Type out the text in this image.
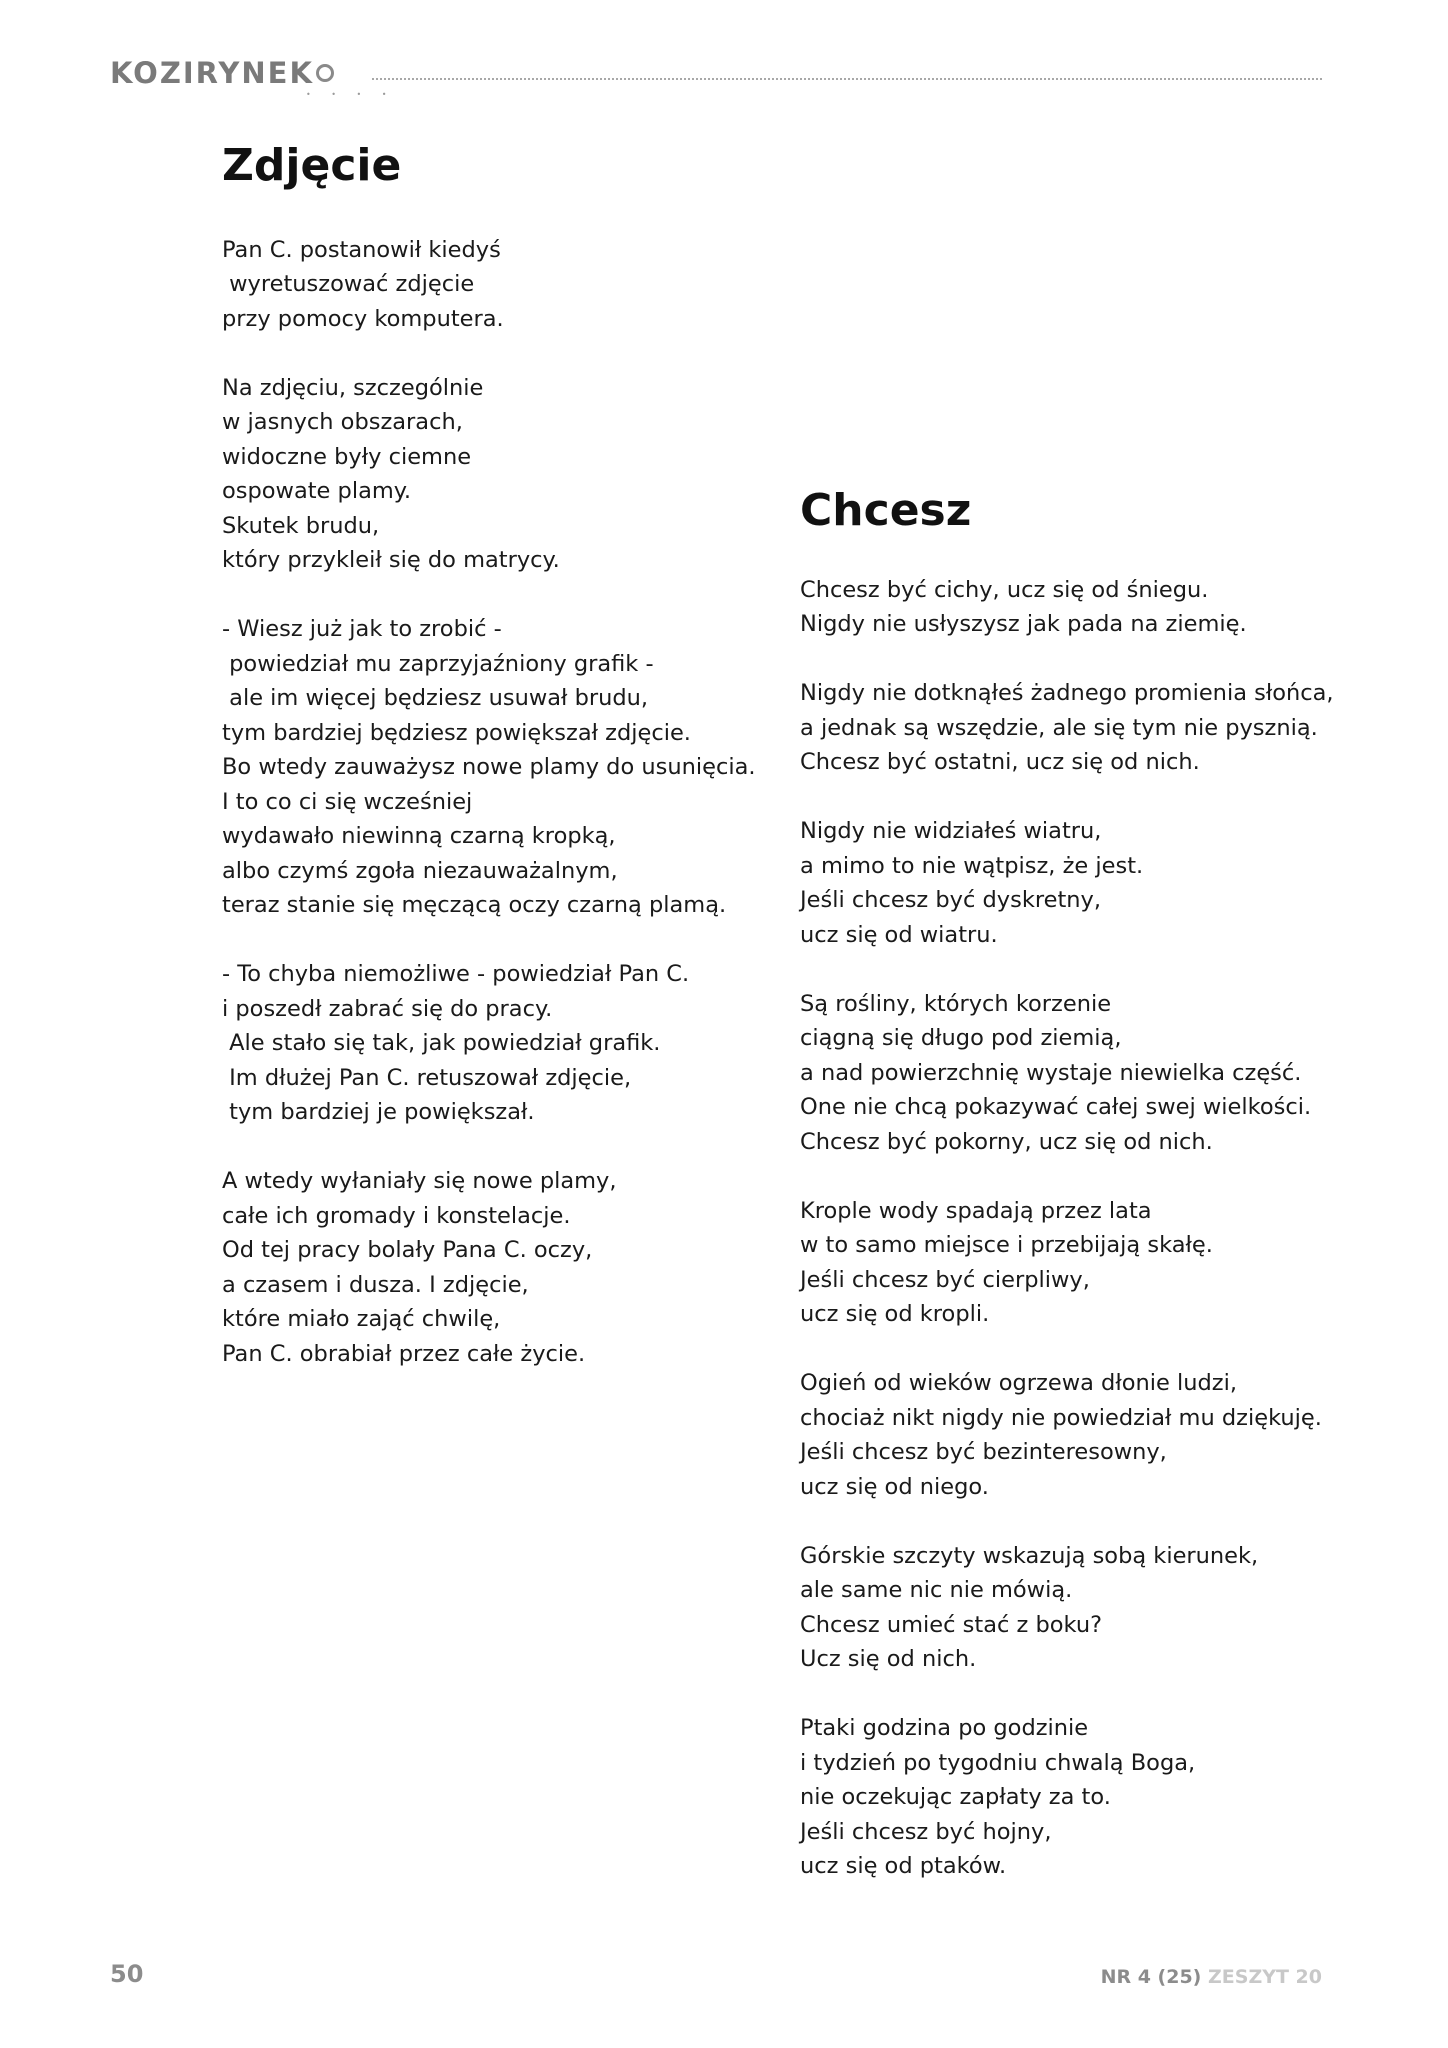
KOZIRYNEK
• • • •
Zdjęcie
Pan C. postanowił kiedyś
wyretuszować zdjęcie
przy pomocy komputera.
Na zdjęciu, szczególnie
w jasnych obszarach,
widoczne były ciemne
ospowate plamy.
Skutek brudu,
który przykleił się do matrycy.
- Wiesz już jak to zrobić -
powiedział mu zaprzyjaźniony grafik -
ale im więcej będziesz usuwał brudu,
tym bardziej będziesz powiększał zdjęcie.
Bo wtedy zauważysz nowe plamy do usunięcia.
I to co ci się wcześniej
wydawało niewinną czarną kropką,
albo czymś zgoła niezauważalnym,
teraz stanie się męczącą oczy czarną plamą.
- To chyba niemożliwe - powiedział Pan C.
i poszedł zabrać się do pracy.
Ale stało się tak, jak powiedział grafik.
Im dłużej Pan C. retuszował zdjęcie,
tym bardziej je powiększał.
A wtedy wyłaniały się nowe plamy,
całe ich gromady i konstelacje.
Od tej pracy bolały Pana C. oczy,
a czasem i dusza. I zdjęcie,
które miało zająć chwilę,
Pan C. obrabiał przez całe życie.
Chcesz
Chcesz być cichy, ucz się od śniegu.
Nigdy nie usłyszysz jak pada na ziemię.
Nigdy nie dotknąłeś żadnego promienia słońca,
a jednak są wszędzie, ale się tym nie pysznią.
Chcesz być ostatni, ucz się od nich.
Nigdy nie widziałeś wiatru,
a mimo to nie wątpisz, że jest.
Jeśli chcesz być dyskretny,
ucz się od wiatru.
Są rośliny, których korzenie
ciągną się długo pod ziemią,
a nad powierzchnię wystaje niewielka część.
One nie chcą pokazywać całej swej wielkości.
Chcesz być pokorny, ucz się od nich.
Krople wody spadają przez lata
w to samo miejsce i przebijają skałę.
Jeśli chcesz być cierpliwy,
ucz się od kropli.
Ogień od wieków ogrzewa dłonie ludzi,
chociaż nikt nigdy nie powiedział mu dziękuję.
Jeśli chcesz być bezinteresowny,
ucz się od niego.
Górskie szczyty wskazują sobą kierunek,
ale same nic nie mówią.
Chcesz umieć stać z boku?
Ucz się od nich.
Ptaki godzina po godzinie
i tydzień po tygodniu chwalą Boga,
nie oczekując zapłaty za to.
Jeśli chcesz być hojny,
ucz się od ptaków.
50	NR 4 (25) ZESZYT 20
